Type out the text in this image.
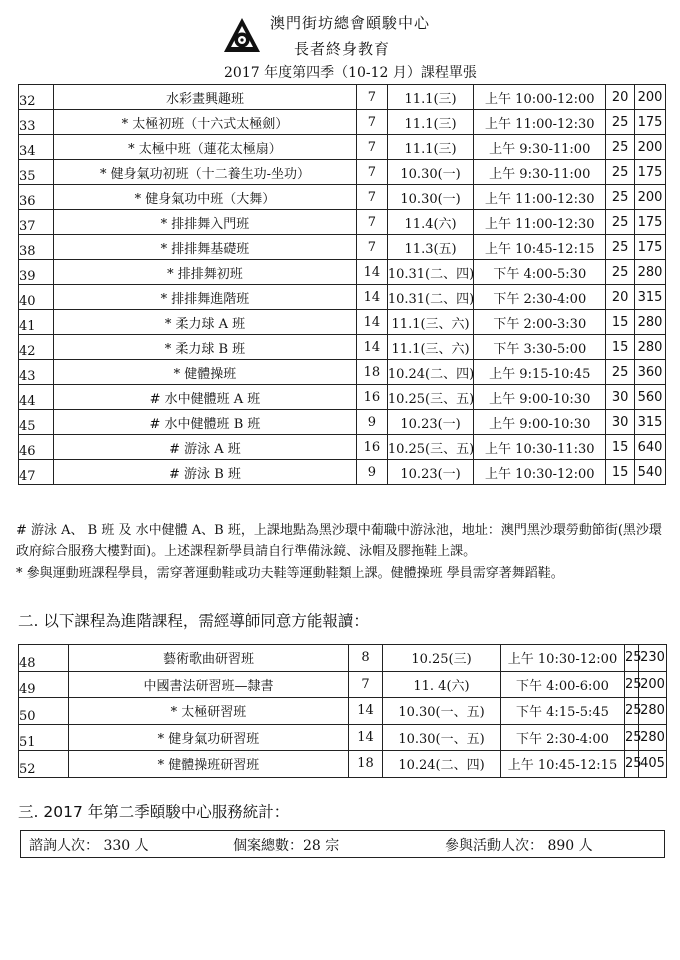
澳門街坊總會頤駿中心
長者終身教育
2017 年度第四季（10-12 月）課程單張
32	水彩畫興趣班	7	11.1(三)	上午 10:00-12:00	20	200
33	* 太極初班（十六式太極劍）	7	11.1(三)	上午 11:00-12:30	25	175
34	* 太極中班（蓮花太極扇）	7	11.1(三)	上午 9:30-11:00	25	200
35	* 健身氣功初班（十二養生功-坐功）	7	10.30(一)	上午 9:30-11:00	25	175
36	* 健身氣功中班（大舞）	7	10.30(一)	上午 11:00-12:30	25	200
37	* 排排舞入門班	7	11.4(六)	上午 11:00-12:30	25	175
38	* 排排舞基礎班	7	11.3(五)	上午 10:45-12:15	25	175
39	* 排排舞初班	14	10.31(二、四)	下午 4:00-5:30	25	280
40	* 排排舞進階班	14	10.31(二、四)	下午 2:30-4:00	20	315
41	* 柔力球 A 班	14	11.1(三、六)	下午 2:00-3:30	15	280
42	* 柔力球 B 班	14	11.1(三、六)	下午 3:30-5:00	15	280
43	* 健體操班	18	10.24(二、四)	上午 9:15-10:45	25	360
44	# 水中健體班 A 班	16	10.25(三、五)	上午 9:00-10:30	30	560
45	# 水中健體班 B 班	9	10.23(一)	上午 9:00-10:30	30	315
46	# 游泳 A 班	16	10.25(三、五)	上午 10:30-11:30	15	640
47	# 游泳 B 班	9	10.23(一)	上午 10:30-12:00	15	540
# 游泳 A、 B 班 及 水中健體 A、B 班，上課地點為黑沙環中葡職中游泳池，地址：澳門黑沙環勞動節街(黑沙環政府綜合服務大樓對面)。上述課程新學員請自行準備泳鏡、泳帽及膠拖鞋上課。
* 參與運動班課程學員，需穿著運動鞋或功夫鞋等運動鞋類上課。健體操班 學員需穿著舞蹈鞋。
二. 以下課程為進階課程，需經導師同意方能報讀：
48	藝術歌曲研習班	8	10.25(三)	上午 10:30-12:00	25	230
49	中國書法研習班—隸書	7	11. 4(六)	下午 4:00-6:00	25	200
50	* 太極研習班	14	10.30(一、五)	下午 4:15-5:45	25	280
51	* 健身氣功研習班	14	10.30(一、五)	下午 2:30-4:00	25	280
52	* 健體操班研習班	18	10.24(二、四)	上午 10:45-12:15	25	405
三. 2017 年第二季頤駿中心服務統計：
諮詢人次： 330 人	個案總數：28 宗	參與活動人次： 890 人
